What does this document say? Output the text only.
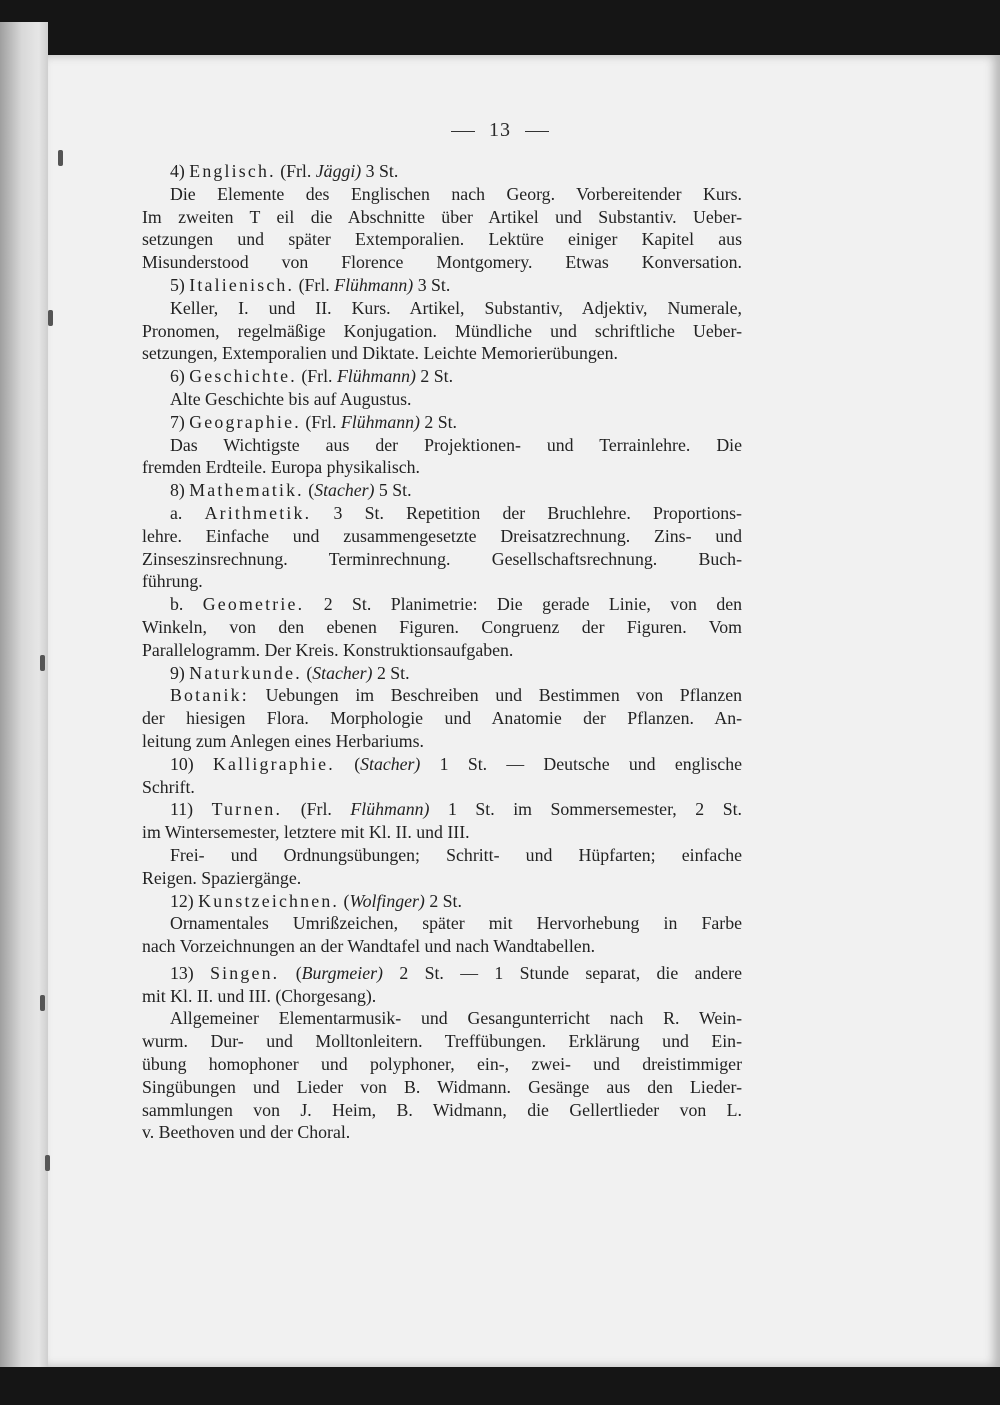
13
4) Englisch. (Frl. Jäggi) 3 St.
Die Elemente des Englischen nach Georg. Vorbereitender Kurs.
Im zweiten T eil die Abschnitte über Artikel und Substantiv. Ueber-
setzungen und später Extemporalien. Lektüre einiger Kapitel aus
Misunderstood von Florence Montgomery. Etwas Konversation.
5) Italienisch. (Frl. Flühmann) 3 St.
Keller, I. und II. Kurs. Artikel, Substantiv, Adjektiv, Numerale,
Pronomen, regelmäßige Konjugation. Mündliche und schriftliche Ueber-
setzungen, Extemporalien und Diktate. Leichte Memorierübungen.
6) Geschichte. (Frl. Flühmann) 2 St.
Alte Geschichte bis auf Augustus.
7) Geographie. (Frl. Flühmann) 2 St.
Das Wichtigste aus der Projektionen- und Terrainlehre. Die
fremden Erdteile. Europa physikalisch.
8) Mathematik. (Stacher) 5 St.
a. Arithmetik. 3 St. Repetition der Bruchlehre. Proportions-
lehre. Einfache und zusammengesetzte Dreisatzrechnung. Zins- und
Zinseszinsrechnung. Terminrechnung. Gesellschaftsrechnung. Buch-
führung.
b. Geometrie. 2 St. Planimetrie: Die gerade Linie, von den
Winkeln, von den ebenen Figuren. Congruenz der Figuren. Vom
Parallelogramm. Der Kreis. Konstruktionsaufgaben.
9) Naturkunde. (Stacher) 2 St.
Botanik: Uebungen im Beschreiben und Bestimmen von Pflanzen
der hiesigen Flora. Morphologie und Anatomie der Pflanzen. An-
leitung zum Anlegen eines Herbariums.
10) Kalligraphie. (Stacher) 1 St. — Deutsche und englische
Schrift.
11) Turnen. (Frl. Flühmann) 1 St. im Sommersemester, 2 St.
im Wintersemester, letztere mit Kl. II. und III.
Frei- und Ordnungsübungen; Schritt- und Hüpfarten; einfache
Reigen. Spaziergänge.
12) Kunstzeichnen. (Wolfinger) 2 St.
Ornamentales Umrißzeichen, später mit Hervorhebung in Farbe
nach Vorzeichnungen an der Wandtafel und nach Wandtabellen.
13) Singen. (Burgmeier) 2 St. — 1 Stunde separat, die andere
mit Kl. II. und III. (Chorgesang).
Allgemeiner Elementarmusik- und Gesangunterricht nach R. Wein-
wurm. Dur- und Molltonleitern. Treffübungen. Erklärung und Ein-
übung homophoner und polyphoner, ein-, zwei- und dreistimmiger
Singübungen und Lieder von B. Widmann. Gesänge aus den Lieder-
sammlungen von J. Heim, B. Widmann, die Gellertlieder von L.
v. Beethoven und der Choral.
